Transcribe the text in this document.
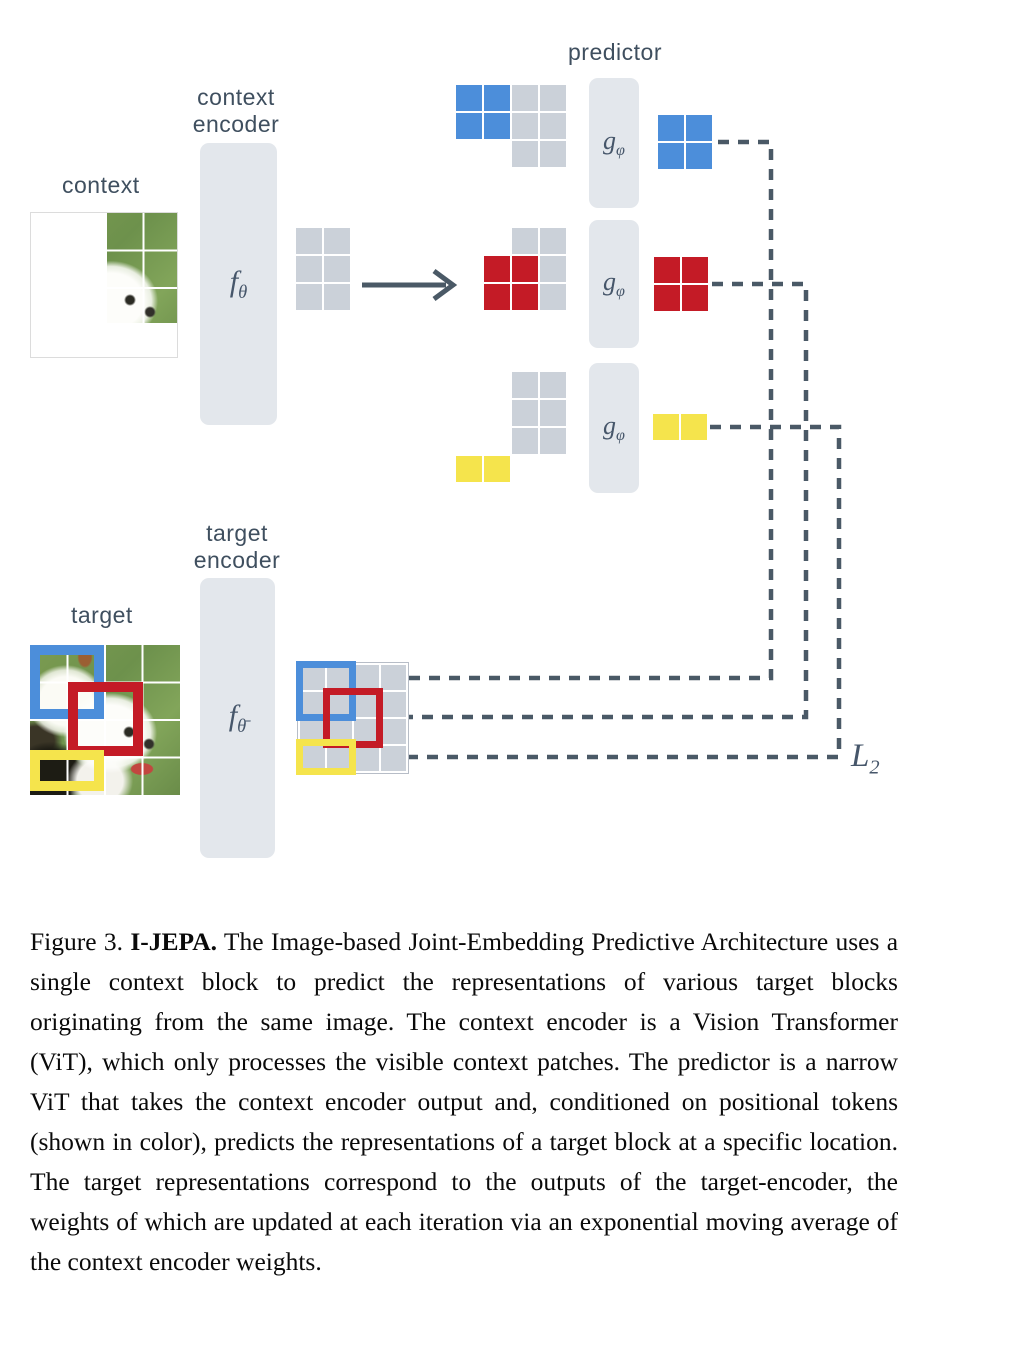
predictor
context
encoder
context
target
encoder
target
$f_\theta$
$g_\varphi$
$g_\varphi$
$g_\varphi$
$f_{\thetā}$
$L_2$

Figure 3. I-JEPA. The Image-based Joint-Embedding Predictive Architecture uses a single context block to predict the representations of various target blocks originating from the same image. The context encoder is a Vision Transformer (ViT), which only processes the visible context patches. The predictor is a narrow ViT that takes the context encoder output and, conditioned on positional tokens (shown in color), predicts the representations of a target block at a specific location. The target representations correspond to the outputs of the target-encoder, the weights of which are updated at each iteration via an exponential moving average of the context encoder weights.
